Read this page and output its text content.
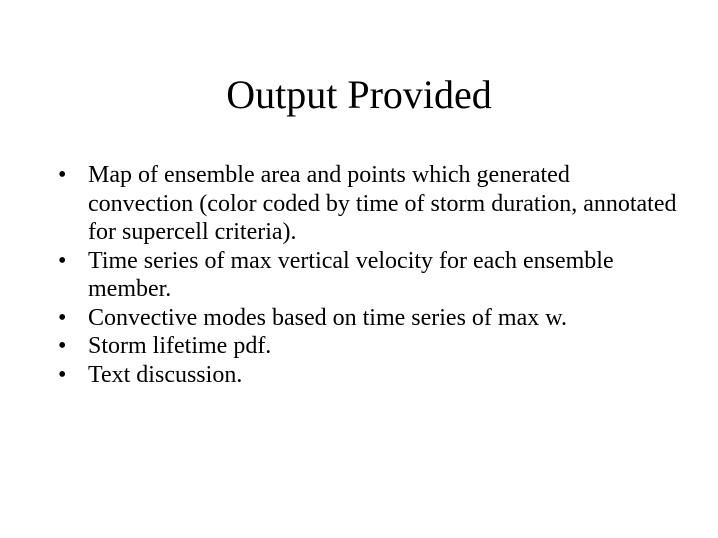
Output Provided
• Map of ensemble area and points which generated convection (color coded by time of storm duration, annotated for supercell criteria).
• Time series of max vertical velocity for each ensemble member.
• Convective modes based on time series of max w.
• Storm lifetime pdf.
• Text discussion.
